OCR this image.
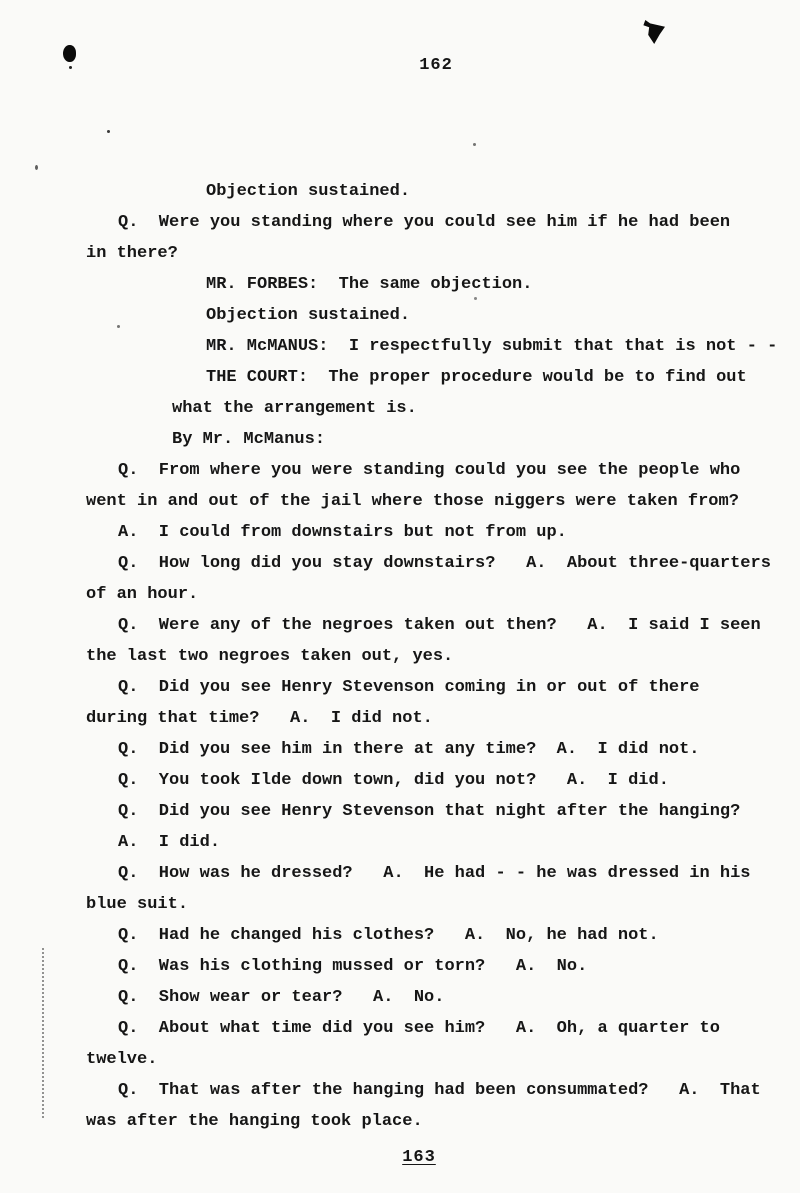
162
Objection sustained.
Q.  Were you standing where you could see him if he had been
in there?
MR. FORBES:  The same objection.
Objection sustained.
MR. McMANUS:  I respectfully submit that that is not - -
THE COURT:  The proper procedure would be to find out
what the arrangement is.
By Mr. McManus:
Q.  From where you were standing could you see the people who
went in and out of the jail where those niggers were taken from?
A.  I could from downstairs but not from up.
Q.  How long did you stay downstairs?   A.  About three-quarters
of an hour.
Q.  Were any of the negroes taken out then?   A.  I said I seen
the last two negroes taken out, yes.
Q.  Did you see Henry Stevenson coming in or out of there
during that time?   A.  I did not.
Q.  Did you see him in there at any time?  A.  I did not.
Q.  You took Ilde down town, did you not?   A.  I did.
Q.  Did you see Henry Stevenson that night after the hanging?
A.  I did.
Q.  How was he dressed?   A.  He had - - he was dressed in his
blue suit.
Q.  Had he changed his clothes?   A.  No, he had not.
Q.  Was his clothing mussed or torn?   A.  No.
Q.  Show wear or tear?   A.  No.
Q.  About what time did you see him?   A.  Oh, a quarter to
twelve.
Q.  That was after the hanging had been consummated?   A.  That
was after the hanging took place.
163
